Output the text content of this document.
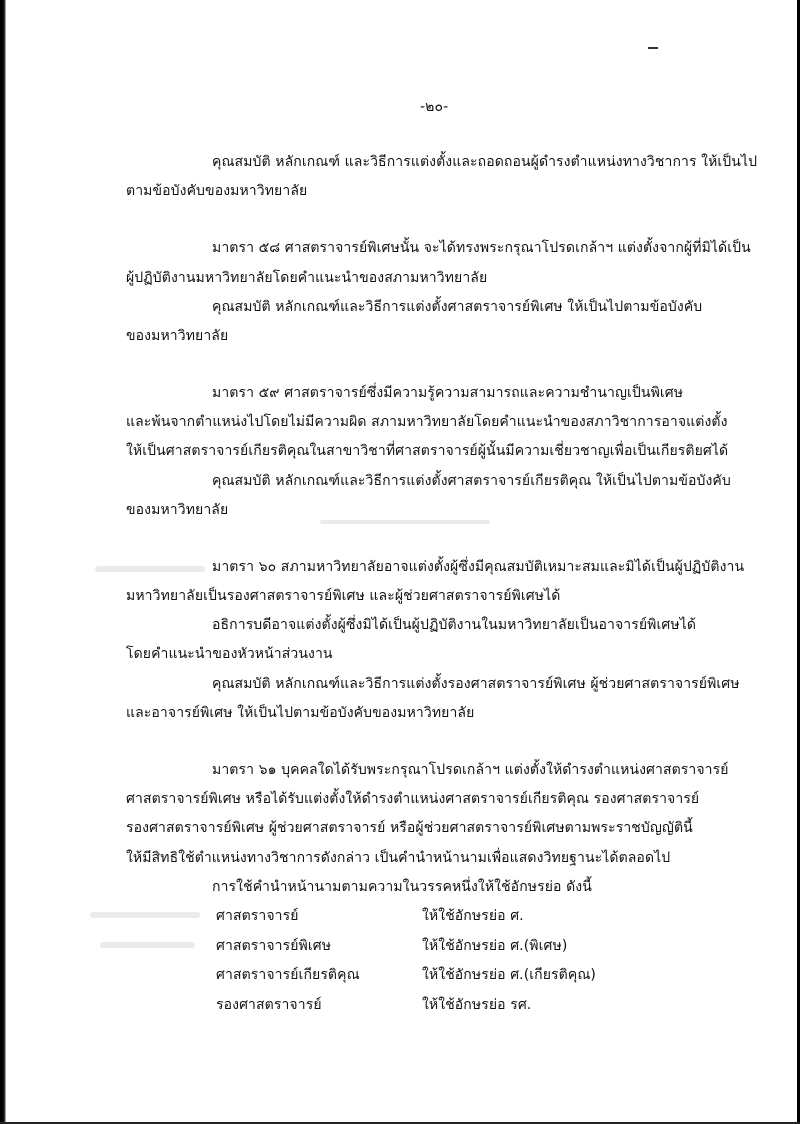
-๒๐-
คุณสมบัติ หลักเกณฑ์ และวิธีการแต่งตั้งและถอดถอนผู้ดำรงตำแหน่งทางวิชาการ ให้เป็นไป
ตามข้อบังคับของมหาวิทยาลัย
มาตรา ๕๘ ศาสตราจารย์พิเศษนั้น จะได้ทรงพระกรุณาโปรดเกล้าฯ แต่งตั้งจากผู้ที่มิได้เป็น
ผู้ปฏิบัติงานมหาวิทยาลัยโดยคำแนะนำของสภามหาวิทยาลัย
คุณสมบัติ หลักเกณฑ์และวิธีการแต่งตั้งศาสตราจารย์พิเศษ ให้เป็นไปตามข้อบังคับ
ของมหาวิทยาลัย
มาตรา ๕๙ ศาสตราจารย์ซึ่งมีความรู้ความสามารถและความชำนาญเป็นพิเศษ
และพ้นจากตำแหน่งไปโดยไม่มีความผิด สภามหาวิทยาลัยโดยคำแนะนำของสภาวิชาการอาจแต่งตั้ง
ให้เป็นศาสตราจารย์เกียรติคุณในสาขาวิชาที่ศาสตราจารย์ผู้นั้นมีความเชี่ยวชาญเพื่อเป็นเกียรติยศได้
คุณสมบัติ หลักเกณฑ์และวิธีการแต่งตั้งศาสตราจารย์เกียรติคุณ ให้เป็นไปตามข้อบังคับ
ของมหาวิทยาลัย
มาตรา ๖๐ สภามหาวิทยาลัยอาจแต่งตั้งผู้ซึ่งมีคุณสมบัติเหมาะสมและมิได้เป็นผู้ปฏิบัติงาน
มหาวิทยาลัยเป็นรองศาสตราจารย์พิเศษ และผู้ช่วยศาสตราจารย์พิเศษได้
อธิการบดีอาจแต่งตั้งผู้ซึ่งมิได้เป็นผู้ปฏิบัติงานในมหาวิทยาลัยเป็นอาจารย์พิเศษได้
โดยคำแนะนำของหัวหน้าส่วนงาน
คุณสมบัติ หลักเกณฑ์และวิธีการแต่งตั้งรองศาสตราจารย์พิเศษ ผู้ช่วยศาสตราจารย์พิเศษ
และอาจารย์พิเศษ ให้เป็นไปตามข้อบังคับของมหาวิทยาลัย
มาตรา ๖๑ บุคคลใดได้รับพระกรุณาโปรดเกล้าฯ แต่งตั้งให้ดำรงตำแหน่งศาสตราจารย์
ศาสตราจารย์พิเศษ หรือได้รับแต่งตั้งให้ดำรงตำแหน่งศาสตราจารย์เกียรติคุณ รองศาสตราจารย์
รองศาสตราจารย์พิเศษ ผู้ช่วยศาสตราจารย์ หรือผู้ช่วยศาสตราจารย์พิเศษตามพระราชบัญญัตินี้
ให้มีสิทธิใช้ตำแหน่งทางวิชาการดังกล่าว เป็นคำนำหน้านามเพื่อแสดงวิทยฐานะได้ตลอดไป
การใช้คำนำหน้านามตามความในวรรคหนึ่งให้ใช้อักษรย่อ ดังนี้
ศาสตราจารย์	ให้ใช้อักษรย่อ ศ.
ศาสตราจารย์พิเศษ	ให้ใช้อักษรย่อ ศ.(พิเศษ)
ศาสตราจารย์เกียรติคุณ	ให้ใช้อักษรย่อ ศ.(เกียรติคุณ)
รองศาสตราจารย์	ให้ใช้อักษรย่อ รศ.
